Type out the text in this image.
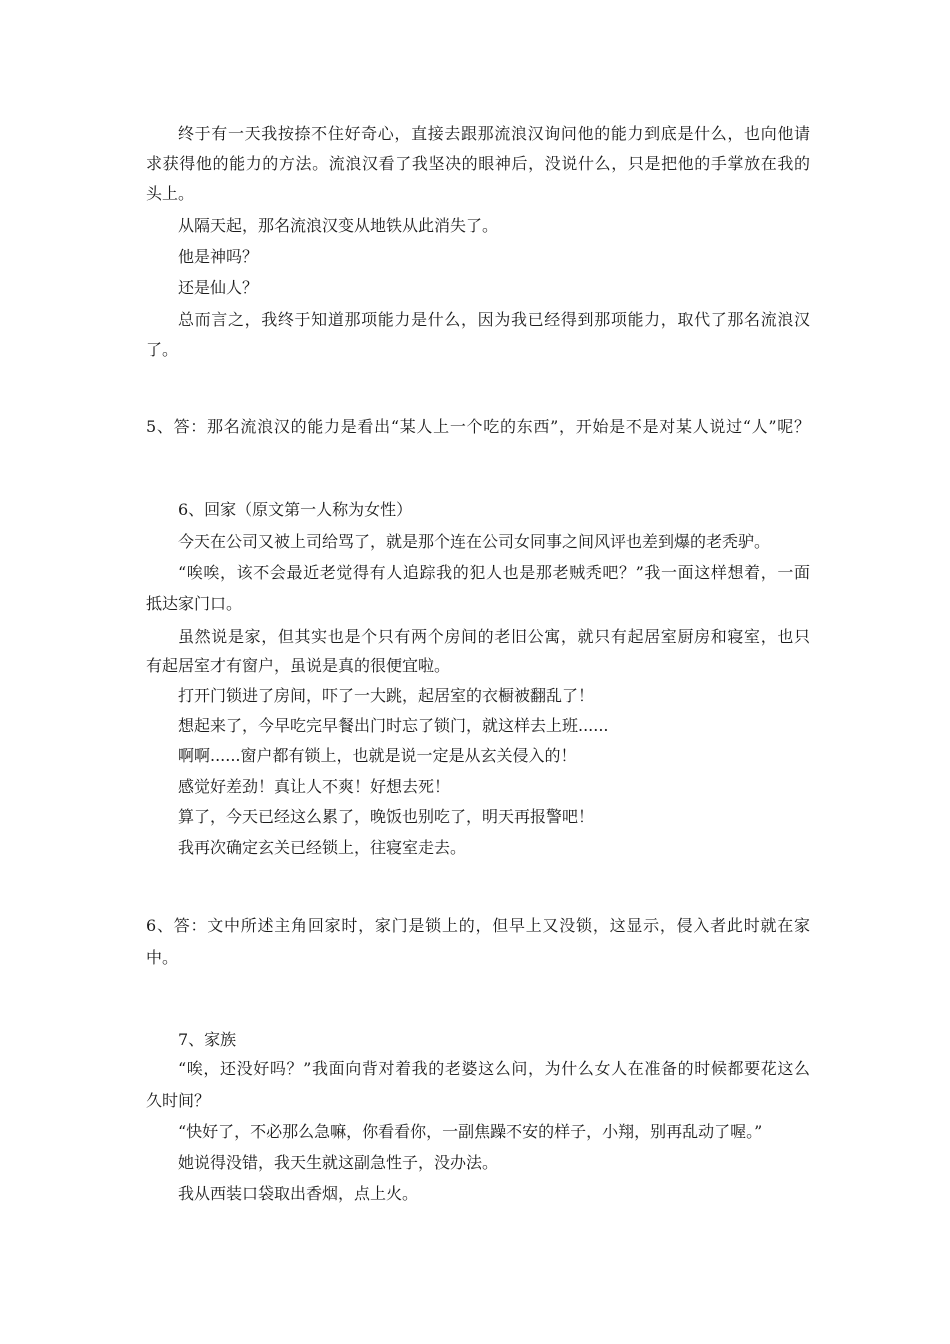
终于有一天我按捺不住好奇心，直接去跟那流浪汉询问他的能力到底是什么，也向他请
求获得他的能力的方法。流浪汉看了我坚决的眼神后，没说什么，只是把他的手掌放在我的
头上。
从隔天起，那名流浪汉变从地铁从此消失了。
他是神吗？
还是仙人？
总而言之，我终于知道那项能力是什么，因为我已经得到那项能力，取代了那名流浪汉
了。
5、答：那名流浪汉的能力是看出“某人上一个吃的东西”，开始是不是对某人说过“人”呢？
6、回家（原文第一人称为女性）
今天在公司又被上司给骂了，就是那个连在公司女同事之间风评也差到爆的老秃驴。
“唉唉，该不会最近老觉得有人追踪我的犯人也是那老贼秃吧？”我一面这样想着，一面
抵达家门口。
虽然说是家，但其实也是个只有两个房间的老旧公寓，就只有起居室厨房和寝室，也只
有起居室才有窗户，虽说是真的很便宜啦。
打开门锁进了房间，吓了一大跳，起居室的衣橱被翻乱了！
想起来了，今早吃完早餐出门时忘了锁门，就这样去上班......
啊啊......窗户都有锁上，也就是说一定是从玄关侵入的！
感觉好差劲！真让人不爽！好想去死！
算了，今天已经这么累了，晚饭也别吃了，明天再报警吧！
我再次确定玄关已经锁上，往寝室走去。
6、答：文中所述主角回家时，家门是锁上的，但早上又没锁，这显示，侵入者此时就在家
中。
7、家族
“唉，还没好吗？”我面向背对着我的老婆这么问，为什么女人在准备的时候都要花这么
久时间？
“快好了，不必那么急嘛，你看看你，一副焦躁不安的样子，小翔，别再乱动了喔。”
她说得没错，我天生就这副急性子，没办法。
我从西装口袋取出香烟，点上火。
